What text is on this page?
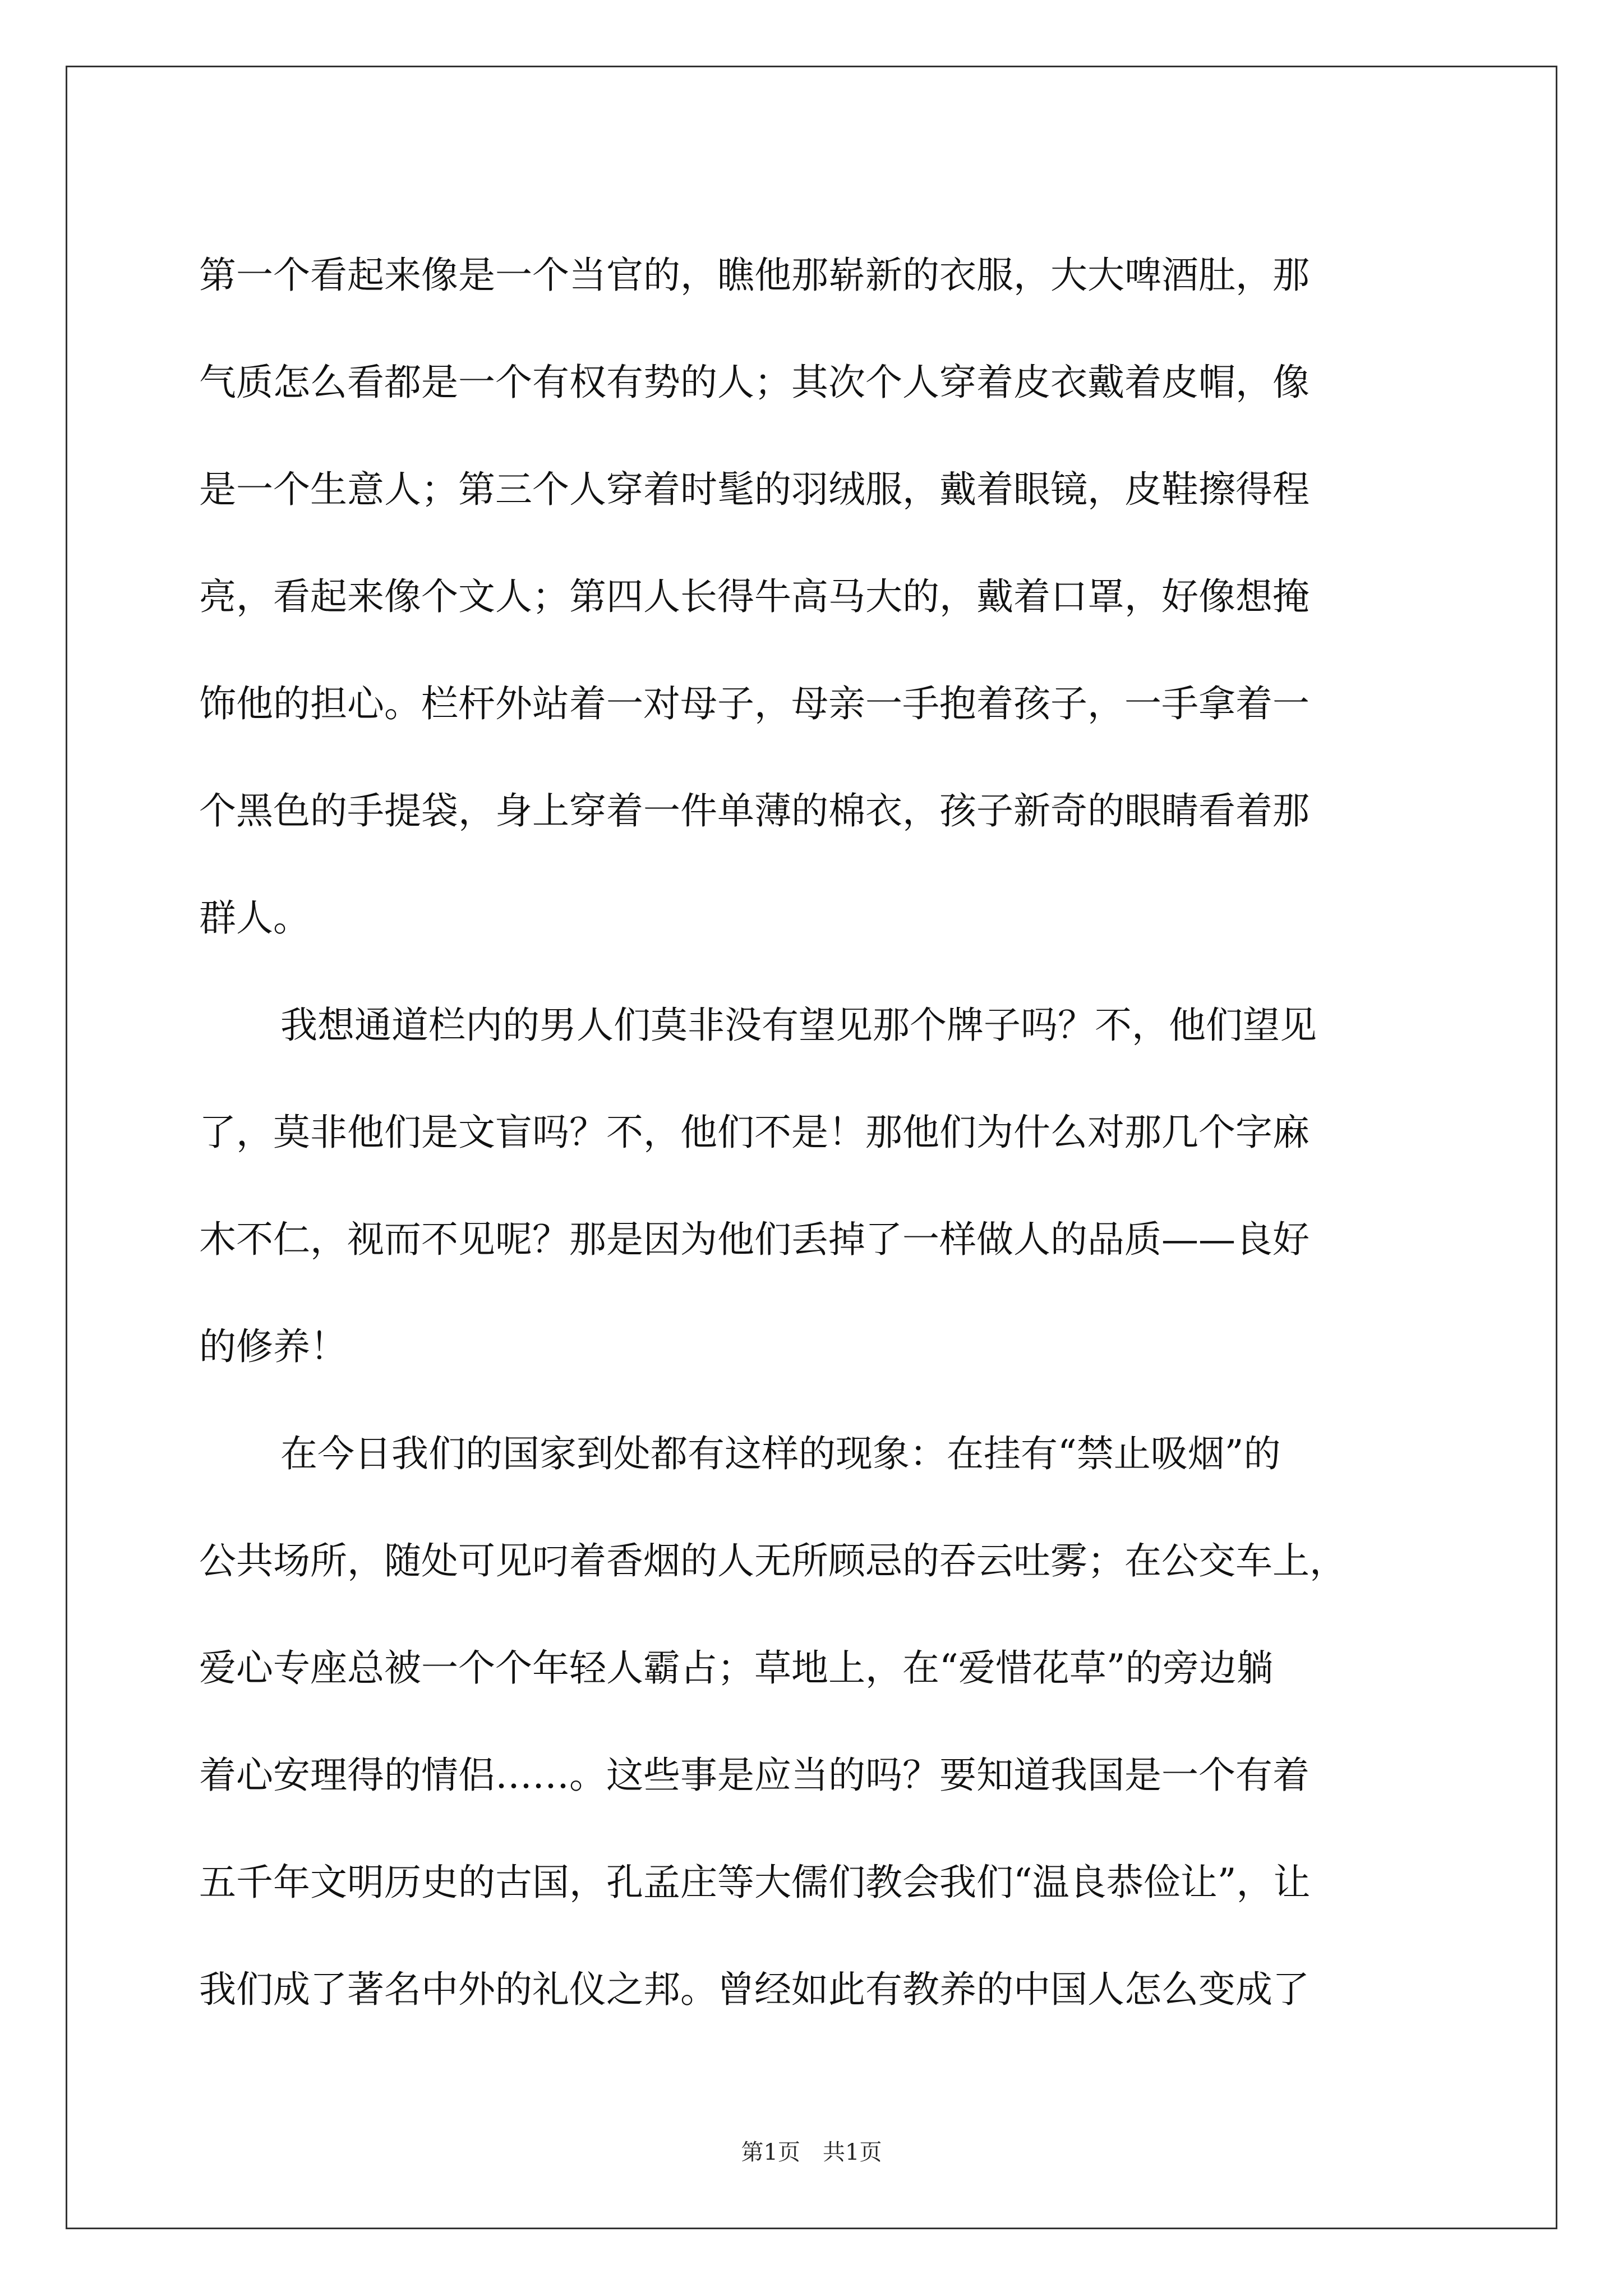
第一个看起来像是一个当官的，瞧他那崭新的衣服，大大啤酒肚，那
气质怎么看都是一个有权有势的人；其次个人穿着皮衣戴着皮帽，像
是一个生意人；第三个人穿着时髦的羽绒服，戴着眼镜，皮鞋擦得程
亮，看起来像个文人；第四人长得牛高马大的，戴着口罩，好像想掩
饰他的担心。栏杆外站着一对母子，母亲一手抱着孩子，一手拿着一
个黑色的手提袋，身上穿着一件单薄的棉衣，孩子新奇的眼睛看着那
群人。
我想通道栏内的男人们莫非没有望见那个牌子吗？不，他们望见
了，莫非他们是文盲吗？不，他们不是！那他们为什么对那几个字麻
木不仁，视而不见呢？那是因为他们丢掉了一样做人的品质——良好
的修养！
在今日我们的国家到处都有这样的现象：在挂有“禁止吸烟”的
公共场所，随处可见叼着香烟的人无所顾忌的吞云吐雾；在公交车上，
爱心专座总被一个个年轻人霸占；草地上，在“爱惜花草”的旁边躺
着心安理得的情侣……。这些事是应当的吗？要知道我国是一个有着
五千年文明历史的古国，孔孟庄等大儒们教会我们“温良恭俭让”，让
我们成了著名中外的礼仪之邦。曾经如此有教养的中国人怎么变成了
第1页　共1页
